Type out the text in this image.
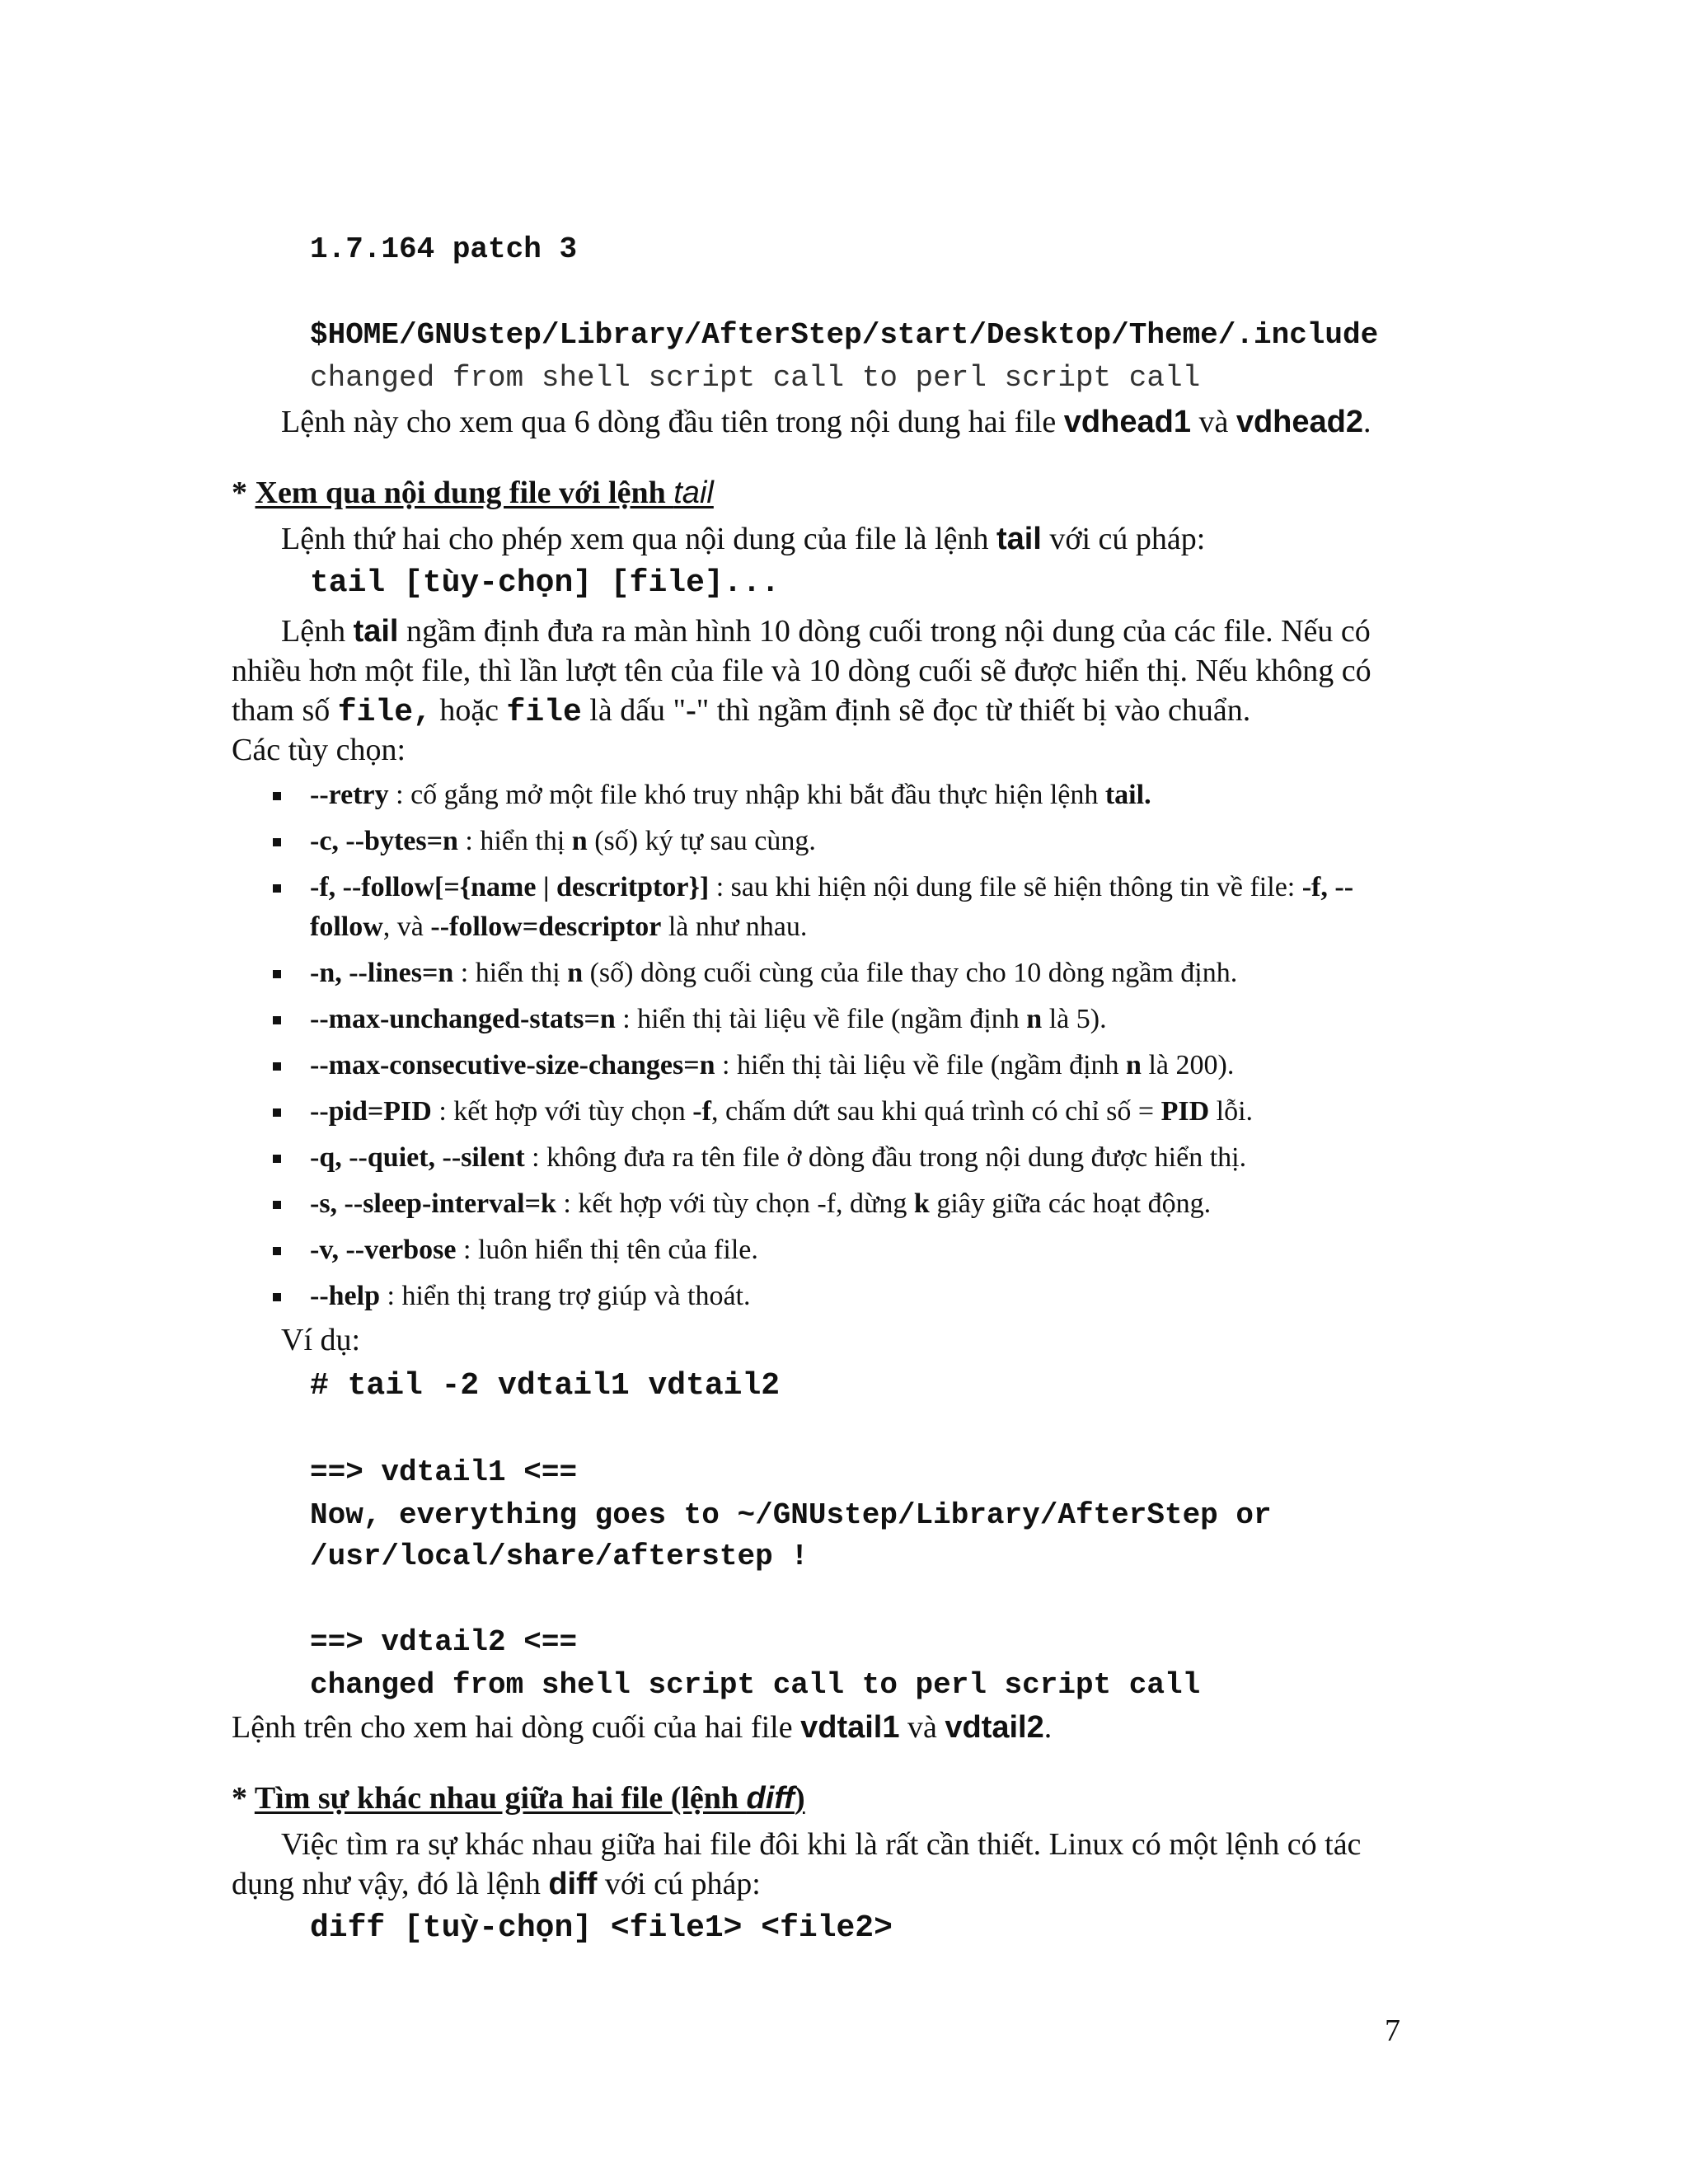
1.7.164 patch 3
$HOME/GNUstep/Library/AfterStep/start/Desktop/Theme/.include
changed from shell script call to perl script call
Lệnh này cho xem qua 6 dòng đầu tiên trong nội dung hai file vdhead1 và vdhead2.
* Xem qua nội dung file với lệnh tail
Lệnh thứ hai cho phép xem qua nội dung của file là lệnh tail với cú pháp:
tail [tùy-chọn] [file]...
Lệnh tail ngầm định đưa ra màn hình 10 dòng cuối trong nội dung của các file. Nếu có
nhiều hơn một file, thì lần lượt tên của file và 10 dòng cuối sẽ được hiển thị. Nếu không có
tham số file, hoặc file là dấu "-" thì ngầm định sẽ đọc từ thiết bị vào chuẩn.
Các tùy chọn:
--retry : cố gắng mở một file khó truy nhập khi bắt đầu thực hiện lệnh tail.
-c, --bytes=n : hiển thị n (số) ký tự sau cùng.
-f, --follow[={name | descritptor}] : sau khi hiện nội dung file sẽ hiện thông tin về file: -f, --
follow, và --follow=descriptor là như nhau.
-n, --lines=n : hiển thị n (số) dòng cuối cùng của file thay cho 10 dòng ngầm định.
--max-unchanged-stats=n : hiển thị tài liệu về file (ngầm định n là 5).
--max-consecutive-size-changes=n : hiển thị tài liệu về file (ngầm định n là 200).
--pid=PID : kết hợp với tùy chọn -f, chấm dứt sau khi quá trình có chỉ số = PID lỗi.
-q, --quiet, --silent : không đưa ra tên file ở dòng đầu trong nội dung được hiển thị.
-s, --sleep-interval=k : kết hợp với tùy chọn -f, dừng k giây giữa các hoạt động.
-v, --verbose : luôn hiển thị tên của file.
--help : hiển thị trang trợ giúp và thoát.
Ví dụ:
# tail -2 vdtail1 vdtail2
==> vdtail1 <==
Now, everything goes to ~/GNUstep/Library/AfterStep or
/usr/local/share/afterstep !
==> vdtail2 <==
changed from shell script call to perl script call
Lệnh trên cho xem hai dòng cuối của hai file vdtail1 và vdtail2.
* Tìm sự khác nhau giữa hai file (lệnh diff)
Việc tìm ra sự khác nhau giữa hai file đôi khi là rất cần thiết. Linux có một lệnh có tác
dụng như vậy, đó là lệnh diff với cú pháp:
diff [tuỳ-chọn] <file1> <file2>
7
